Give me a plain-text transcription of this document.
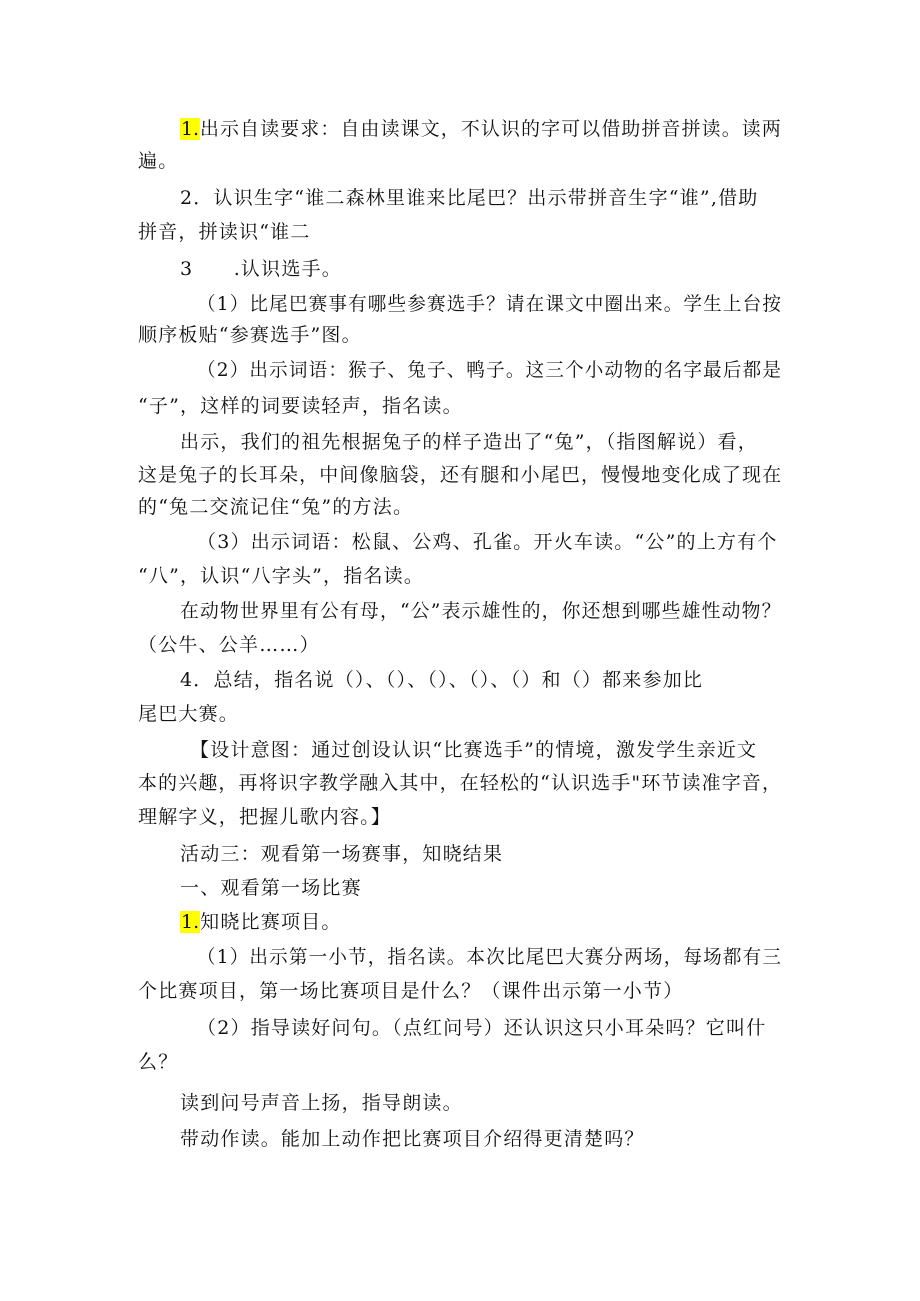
1.出示自读要求：自由读课文，不认识的字可以借助拼音拼读。读两
遍。
2．认识生字“谁二森林里谁来比尾巴？出示带拼音生字“谁”,借助
拼音，拼读识“谁二
3　　.认识选手。
（1）比尾巴赛事有哪些参赛选手？请在课文中圈出来。学生上台按
顺序板贴“参赛选手”图。
（2）出示词语：猴子、兔子、鸭子。这三个小动物的名字最后都是
“子”，这样的词要读轻声，指名读。
出示，我们的祖先根据兔子的样子造出了“兔”，（指图解说）看，
这是兔子的长耳朵，中间像脑袋，还有腿和小尾巴，慢慢地变化成了现在
的“兔二交流记住“兔”的方法。
（3）出示词语：松鼠、公鸡、孔雀。开火车读。“公”的上方有个
“八”，认识“八字头”，指名读。
在动物世界里有公有母，“公”表示雄性的，你还想到哪些雄性动物？
（公牛、公羊……）
4．总结，指名说（）、（）、（）、（）、（）和（）都来参加比
尾巴大赛。
【设计意图：通过创设认识“比赛选手”的情境，激发学生亲近文
本的兴趣，再将识字教学融入其中，在轻松的“认识选手"环节读准字音，
理解字义，把握儿歌内容。】
活动三：观看第一场赛事，知晓结果
一、观看第一场比赛
1.知晓比赛项目。
（1）出示第一小节，指名读。本次比尾巴大赛分两场，每场都有三
个比赛项目，第一场比赛项目是什么？（课件出示第一小节）
（2）指导读好问句。（点红问号）还认识这只小耳朵吗？它叫什
么？
读到问号声音上扬，指导朗读。
带动作读。能加上动作把比赛项目介绍得更清楚吗？
